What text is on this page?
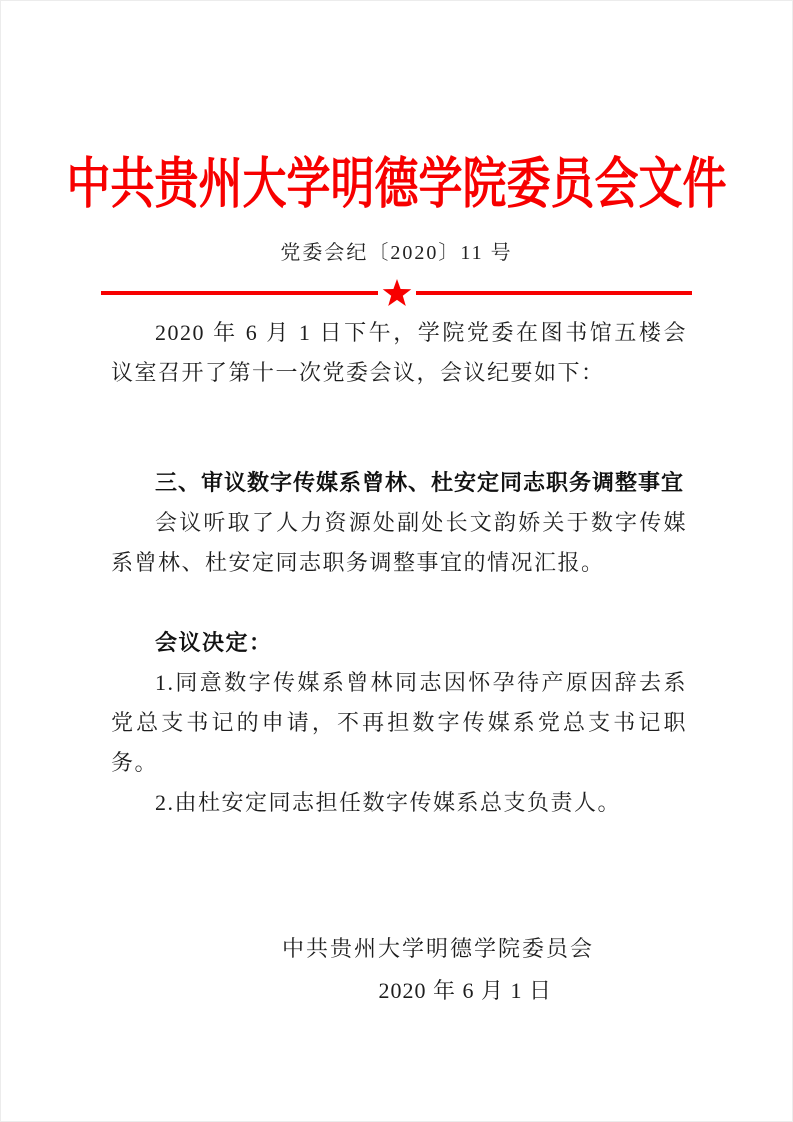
中共贵州大学明德学院委员会文件
党委会纪〔2020〕11 号

2020 年 6 月 1 日下午，学院党委在图书馆五楼会议室召开了第十一次党委会议，会议纪要如下：

三、审议数字传媒系曾林、杜安定同志职务调整事宜

会议听取了人力资源处副处长文韵娇关于数字传媒系曾林、杜安定同志职务调整事宜的情况汇报。

会议决定：

1.同意数字传媒系曾林同志因怀孕待产原因辞去系党总支书记的申请，不再担数字传媒系党总支书记职务。

2.由杜安定同志担任数字传媒系总支负责人。

中共贵州大学明德学院委员会
2020 年 6 月 1 日
